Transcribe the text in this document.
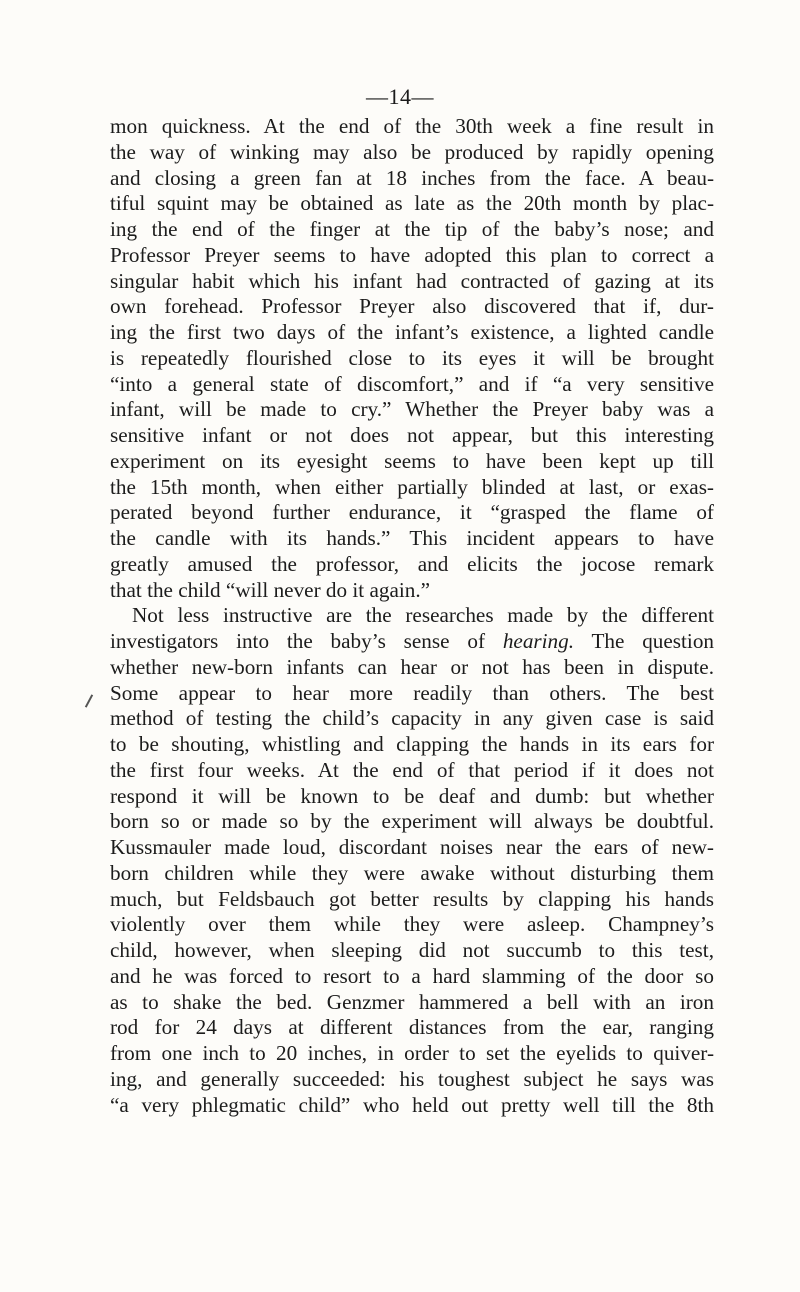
—14—
mon quickness. At the end of the 30th week a fine result in
the way of winking may also be produced by rapidly opening
and closing a green fan at 18 inches from the face. A beau-
tiful squint may be obtained as late as the 20th month by plac-
ing the end of the finger at the tip of the baby’s nose; and
Professor Preyer seems to have adopted this plan to correct a
singular habit which his infant had contracted of gazing at its
own forehead. Professor Preyer also discovered that if, dur-
ing the first two days of the infant’s existence, a lighted candle
is repeatedly flourished close to its eyes it will be brought
“into a general state of discomfort,” and if “a very sensitive
infant, will be made to cry.” Whether the Preyer baby was a
sensitive infant or not does not appear, but this interesting
experiment on its eyesight seems to have been kept up till
the 15th month, when either partially blinded at last, or exas-
perated beyond further endurance, it “grasped the flame of
the candle with its hands.” This incident appears to have
greatly amused the professor, and elicits the jocose remark
that the child “will never do it again.”
Not less instructive are the researches made by the different
investigators into the baby’s sense of hearing. The question
whether new-born infants can hear or not has been in dispute.
Some appear to hear more readily than others. The best
method of testing the child’s capacity in any given case is said
to be shouting, whistling and clapping the hands in its ears for
the first four weeks. At the end of that period if it does not
respond it will be known to be deaf and dumb: but whether
born so or made so by the experiment will always be doubtful.
Kussmauler made loud, discordant noises near the ears of new-
born children while they were awake without disturbing them
much, but Feldsbauch got better results by clapping his hands
violently over them while they were asleep. Champney’s
child, however, when sleeping did not succumb to this test,
and he was forced to resort to a hard slamming of the door so
as to shake the bed. Genzmer hammered a bell with an iron
rod for 24 days at different distances from the ear, ranging
from one inch to 20 inches, in order to set the eyelids to quiver-
ing, and generally succeeded: his toughest subject he says was
“a very phlegmatic child” who held out pretty well till the 8th
